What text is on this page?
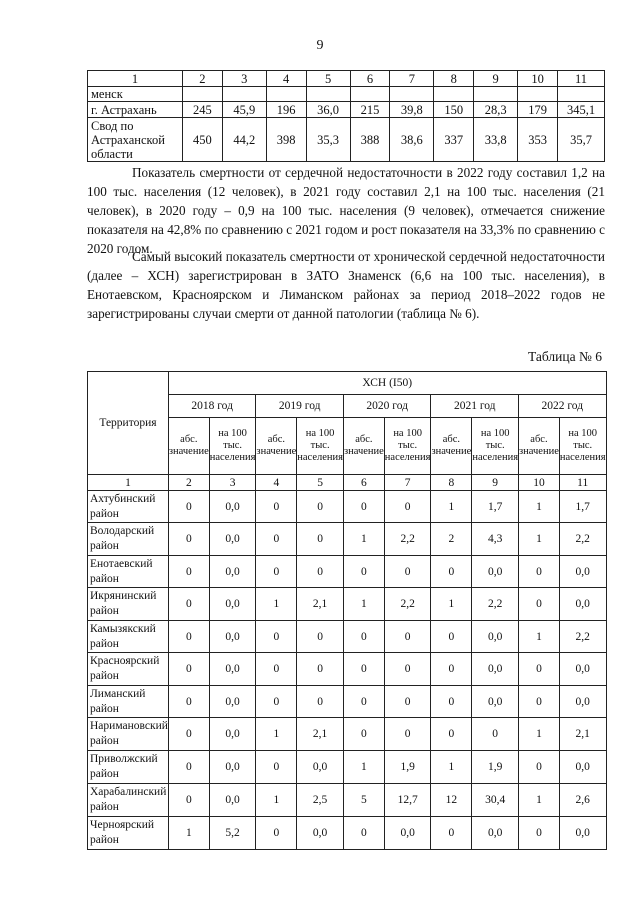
9
1	2	3	4	5	6	7	8	9	10	11
менск										
г. Астрахань	245	45,9	196	36,0	215	39,8	150	28,3	179	345,1
Свод по Астраханской области	450	44,2	398	35,3	388	38,6	337	33,8	353	35,7
Показатель смертности от сердечной недостаточности в 2022 году составил 1,2 на 100 тыс. населения (12 человек), в 2021 году составил 2,1 на 100 тыс. населения (21 человек), в 2020 году – 0,9 на 100 тыс. населения (9 человек), отмечается снижение показателя на 42,8% по сравнению с 2021 годом и рост показателя на 33,3% по сравнению с 2020 годом.
Самый высокий показатель смертности от хронической сердечной недостаточности (далее – ХСН) зарегистрирован в ЗАТО Знаменск (6,6 на 100 тыс. населения), в Енотаевском, Красноярском и Лиманском районах за период 2018–2022 годов не зарегистрированы случаи смерти от данной патологии (таблица № 6).
Таблица № 6
Территория	ХСН (I50)									
	2018 год		2019 год		2020 год		2021 год		2022 год	
	абс. значение	на 100 тыс. населения	абс. значение	на 100 тыс. населения	абс. значение	на 100 тыс. населения	абс. значение	на 100 тыс. населения	абс. значение	на 100 тыс. населения
1	2	3	4	5	6	7	8	9	10	11
Ахтубинский район	0	0,0	0	0	0	0	1	1,7	1	1,7
Володарский район	0	0,0	0	0	1	2,2	2	4,3	1	2,2
Енотаевский район	0	0,0	0	0	0	0	0	0,0	0	0,0
Икрянинский район	0	0,0	1	2,1	1	2,2	1	2,2	0	0,0
Камызякский район	0	0,0	0	0	0	0	0	0,0	1	2,2
Красноярский район	0	0,0	0	0	0	0	0	0,0	0	0,0
Лиманский район	0	0,0	0	0	0	0	0	0,0	0	0,0
Наримановский район	0	0,0	1	2,1	0	0	0	0	1	2,1
Приволжский район	0	0,0	0	0,0	1	1,9	1	1,9	0	0,0
Харабалинский район	0	0,0	1	2,5	5	12,7	12	30,4	1	2,6
Черноярский район	1	5,2	0	0,0	0	0,0	0	0,0	0	0,0
